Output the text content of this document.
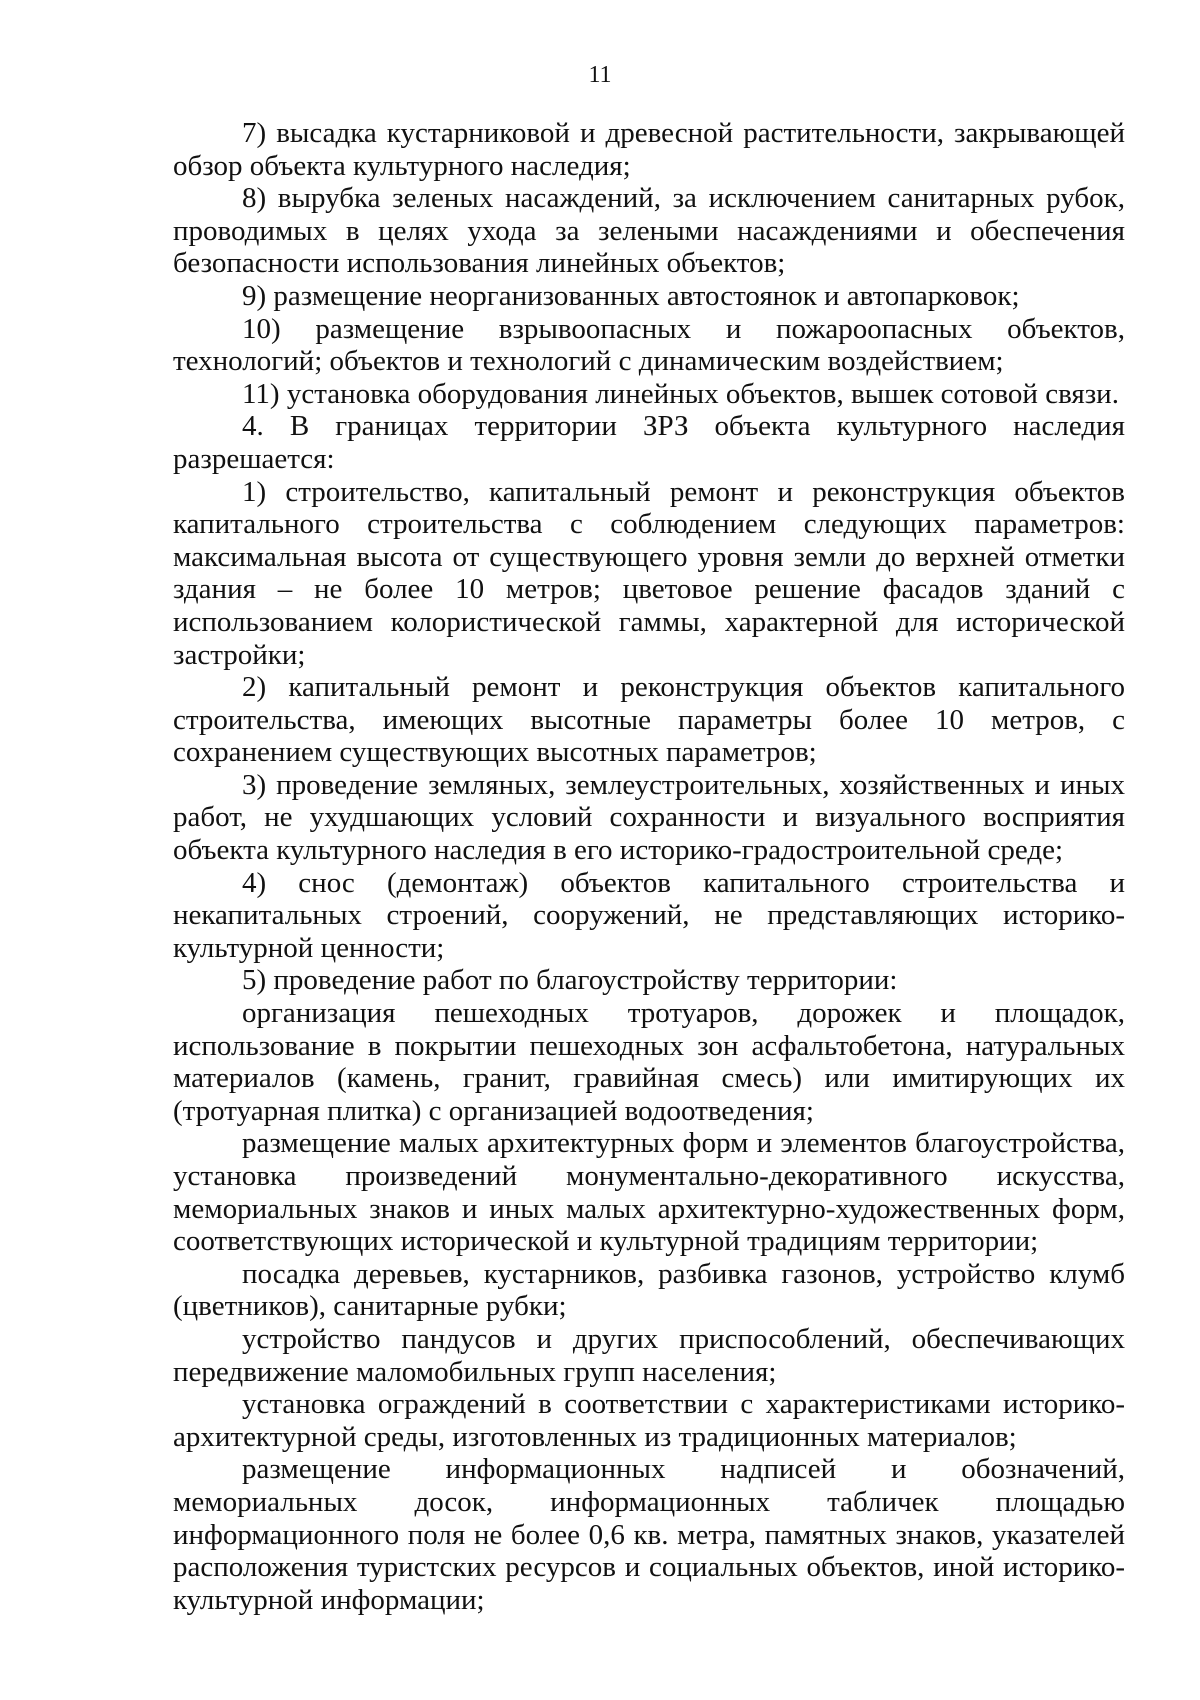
11

7) высадка кустарниковой и древесной растительности, закрывающей обзор объекта культурного наследия;

8) вырубка зеленых насаждений, за исключением санитарных рубок, проводимых в целях ухода за зелеными насаждениями и обеспечения безопасности использования линейных объектов;

9) размещение неорганизованных автостоянок и автопарковок;

10) размещение взрывоопасных и пожароопасных объектов, технологий; объектов и технологий с динамическим воздействием;

11) установка оборудования линейных объектов, вышек сотовой связи.

4. В границах территории ЗРЗ объекта культурного наследия разрешается:

1) строительство, капитальный ремонт и реконструкция объектов капитального строительства с соблюдением следующих параметров: максимальная высота от существующего уровня земли до верхней отметки здания – не более 10 метров; цветовое решение фасадов зданий с использованием колористической гаммы, характерной для исторической застройки;

2) капитальный ремонт и реконструкция объектов капитального строительства, имеющих высотные параметры более 10 метров, с сохранением существующих высотных параметров;

3) проведение земляных, землеустроительных, хозяйственных и иных работ, не ухудшающих условий сохранности и визуального восприятия объекта культурного наследия в его историко-градостроительной среде;

4) снос (демонтаж) объектов капитального строительства и некапитальных строений, сооружений, не представляющих историко-культурной ценности;

5) проведение работ по благоустройству территории:

организация пешеходных тротуаров, дорожек и площадок, использование в покрытии пешеходных зон асфальтобетона, натуральных материалов (камень, гранит, гравийная смесь) или имитирующих их (тротуарная плитка) с организацией водоотведения;

размещение малых архитектурных форм и элементов благоустройства, установка произведений монументально-декоративного искусства, мемориальных знаков и иных малых архитектурно-художественных форм, соответствующих исторической и культурной традициям территории;

посадка деревьев, кустарников, разбивка газонов, устройство клумб (цветников), санитарные рубки;

устройство пандусов и других приспособлений, обеспечивающих передвижение маломобильных групп населения;

установка ограждений в соответствии с характеристиками историко-архитектурной среды, изготовленных из традиционных материалов;

размещение информационных надписей и обозначений, мемориальных досок, информационных табличек площадью информационного поля не более 0,6 кв. метра, памятных знаков, указателей расположения туристских ресурсов и социальных объектов, иной историко-культурной информации;
